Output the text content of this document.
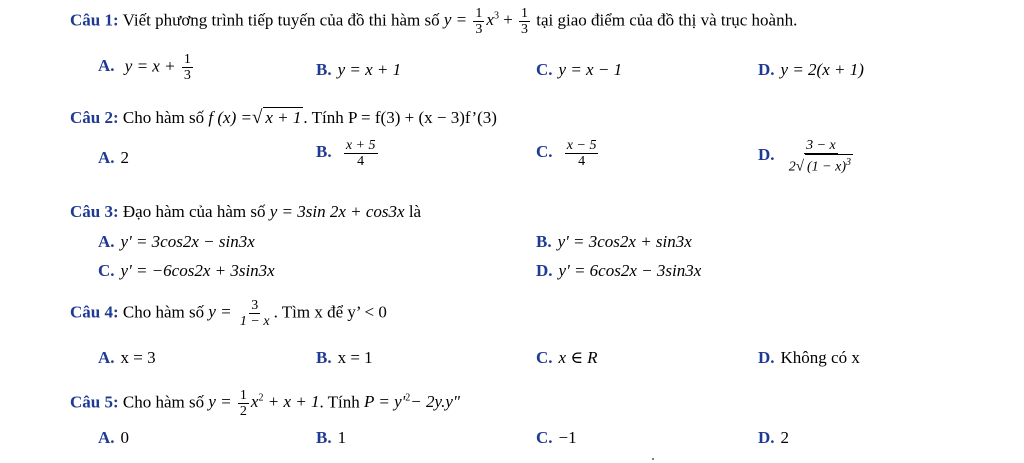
Câu 1: Viết phương trình tiếp tuyến của đồ thi hàm số $y = \frac{1}{3} x^3 + \frac{1}{3}$ tại giao điểm của đồ thị và trục hoành.
A. $y = x + \frac{1}{3}$	B. y = x + 1	C. y = x − 1	D. y = 2(x + 1)
Câu 2: Cho hàm số f (x) =√ x + 1 . Tính P = f(3) + (x − 3)f’(3)
A. 2	B. $\frac{x + 5}{4}$	C. $\frac{x - 5}{4}$	D. $\frac{3 - x}{2√ (1 - x)^3}$
Câu 3: Đạo hàm của hàm số y = 3sin 2x + cos3x là
A. y' = 3cos2x − sin3x	B. y' = 3cos2x + sin3x
C. y' = −6cos2x + 3sin3x	D. y' = 6cos2x − 3sin3x
Câu 4: Cho hàm số $y = \frac{3}{1 - x}$ . Tìm x để y’ < 0
A. x = 3	B. x = 1	C. x ∈ R	D. Không có x
Câu 5: Cho hàm số $y = \frac{1}{2} x^2 + x + 1$. Tính $P = y'^2- 2y.y$"
A. 0	B. 1	C. −1	D. 2
